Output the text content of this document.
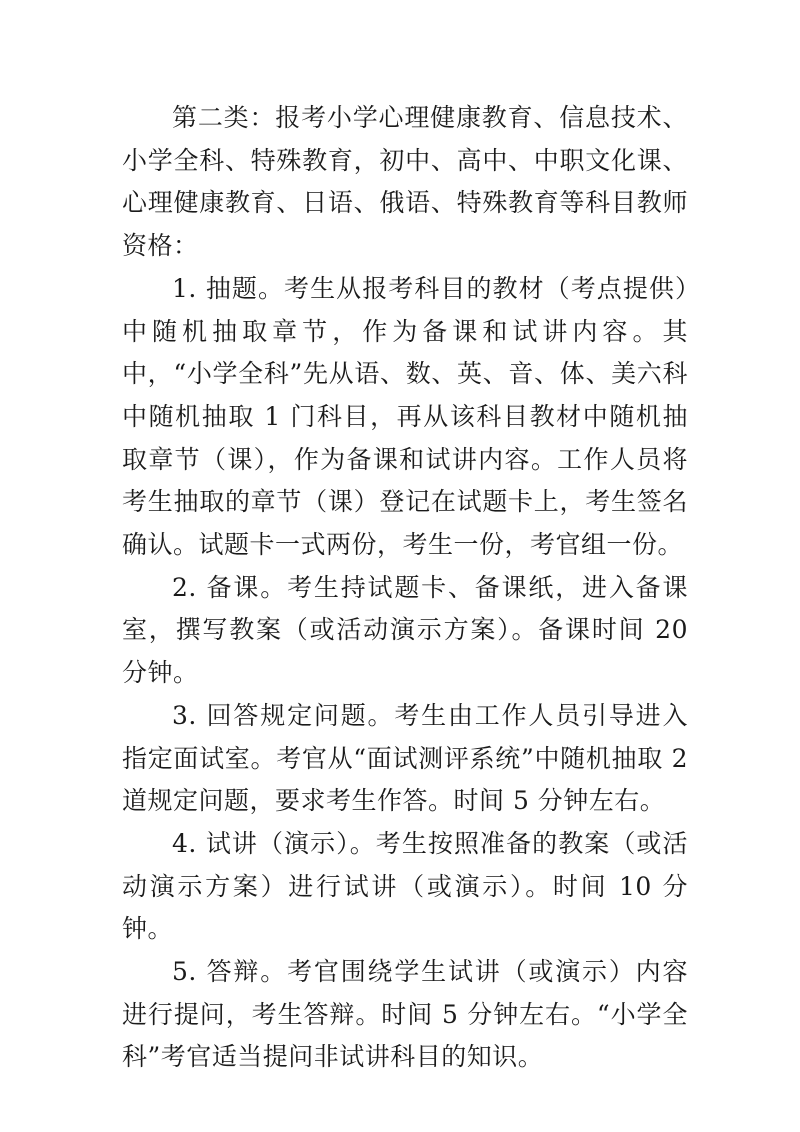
第二类：报考小学心理健康教育、信息技术、小学全科、特殊教育，初中、高中、中职文化课、心理健康教育、日语、俄语、特殊教育等科目教师资格：

1. 抽题。考生从报考科目的教材（考点提供）中随机抽取章节，作为备课和试讲内容。其中，“小学全科”先从语、数、英、音、体、美六科中随机抽取 1 门科目，再从该科目教材中随机抽取章节（课），作为备课和试讲内容。工作人员将考生抽取的章节（课）登记在试题卡上，考生签名确认。试题卡一式两份，考生一份，考官组一份。

2. 备课。考生持试题卡、备课纸，进入备课室，撰写教案（或活动演示方案）。备课时间 20 分钟。

3. 回答规定问题。考生由工作人员引导进入指定面试室。考官从“面试测评系统”中随机抽取 2 道规定问题，要求考生作答。时间 5 分钟左右。

4. 试讲（演示）。考生按照准备的教案（或活动演示方案）进行试讲（或演示）。时间 10 分钟。

5. 答辩。考官围绕学生试讲（或演示）内容进行提问，考生答辩。时间 5 分钟左右。“小学全科”考官适当提问非试讲科目的知识。
